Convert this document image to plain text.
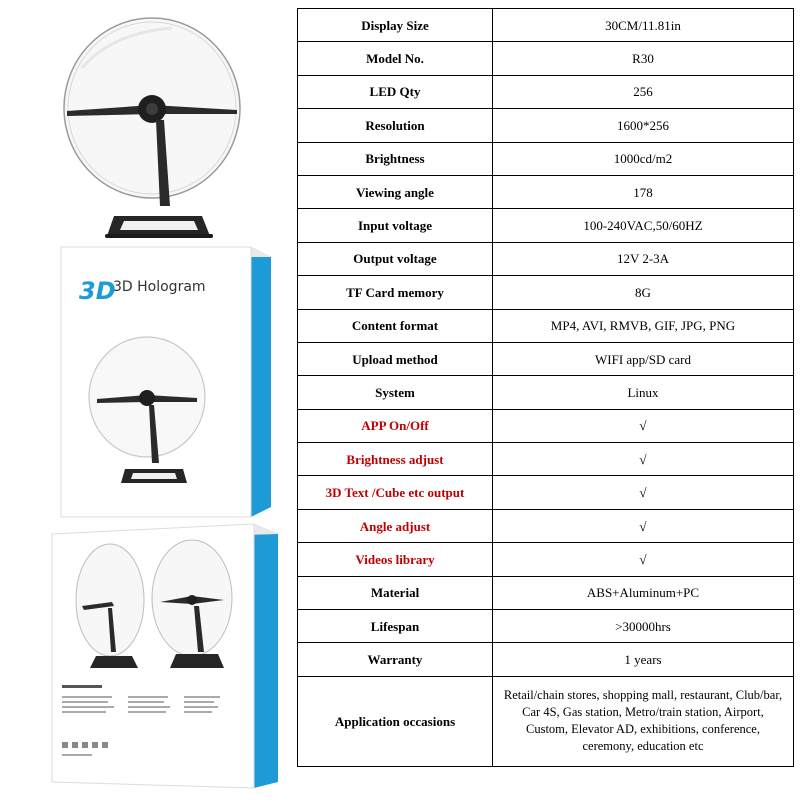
3D
3D Hologram
Display Size	30CM/11.81in
Model No.	R30
LED Qty	256
Resolution	1600*256
Brightness	1000cd/m2
Viewing angle	178
Input voltage	100-240VAC,50/60HZ
Output voltage	12V 2-3A
TF Card memory	8G
Content format	MP4, AVI, RMVB, GIF, JPG, PNG
Upload method	WIFI app/SD card
System	Linux
APP On/Off	√
Brightness adjust	√
3D Text /Cube etc output	√
Angle adjust	√
Videos library	√
Material	ABS+Aluminum+PC
Lifespan	>30000hrs
Warranty	1 years
Application occasions	Retail/chain stores, shopping mall, restaurant, Club/bar,
Car 4S, Gas station, Metro/train station, Airport,
Custom, Elevator AD, exhibitions, conference,
ceremony, education etc
